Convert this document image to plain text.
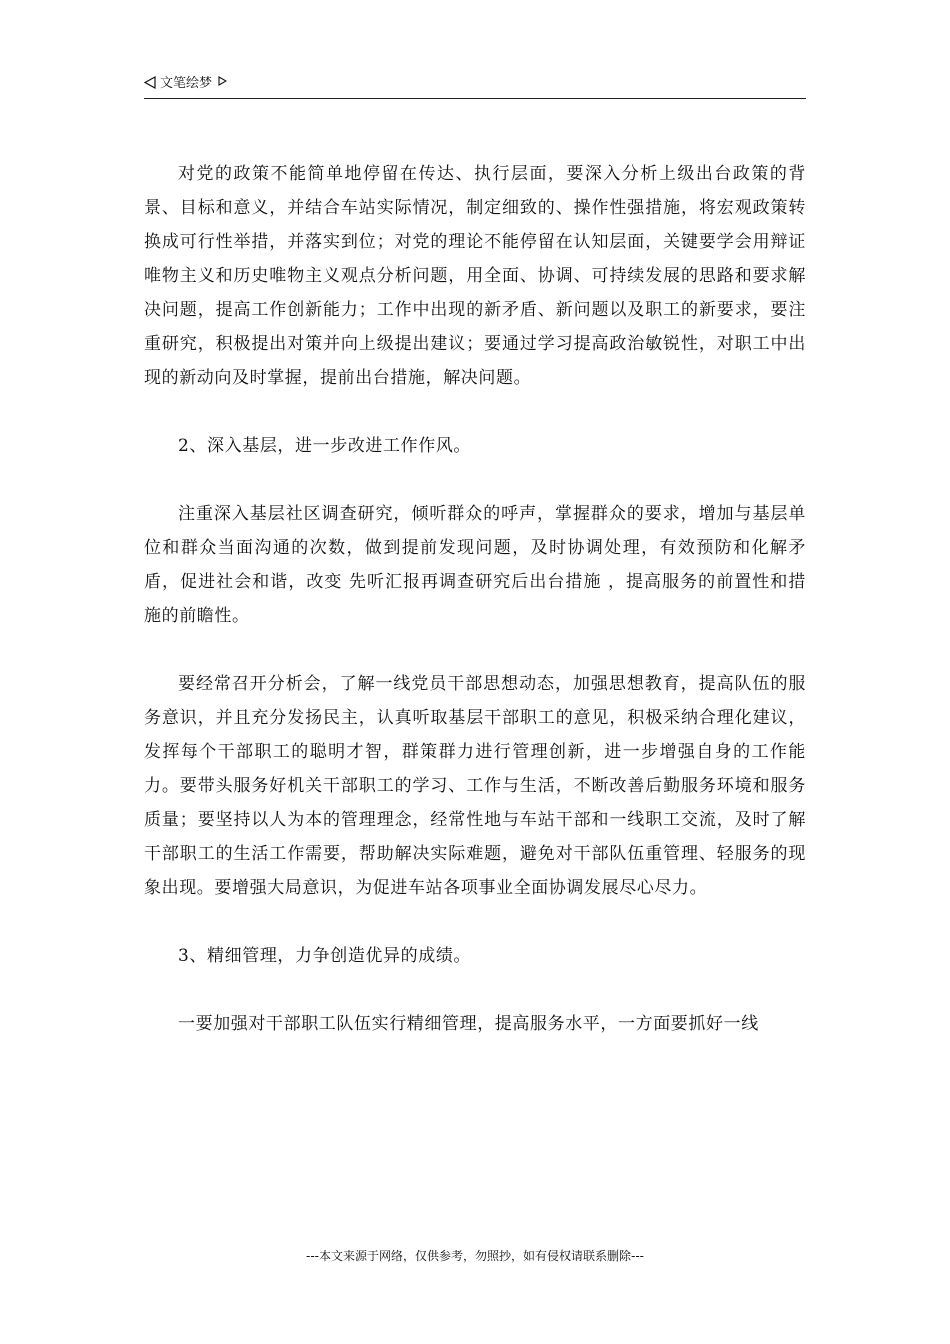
文笔绘梦

对党的政策不能简单地停留在传达、执行层面，要深入分析上级出台政策的背景、目标和意义，并结合车站实际情况，制定细致的、操作性强措施，将宏观政策转换成可行性举措，并落实到位；对党的理论不能停留在认知层面，关键要学会用辩证唯物主义和历史唯物主义观点分析问题，用全面、协调、可持续发展的思路和要求解决问题，提高工作创新能力；工作中出现的新矛盾、新问题以及职工的新要求，要注重研究，积极提出对策并向上级提出建议；要通过学习提高政治敏锐性，对职工中出现的新动向及时掌握，提前出台措施，解决问题。

2、深入基层，进一步改进工作作风。

注重深入基层社区调查研究，倾听群众的呼声，掌握群众的要求，增加与基层单位和群众当面沟通的次数，做到提前发现问题，及时协调处理，有效预防和化解矛盾，促进社会和谐，改变 先听汇报再调查研究后出台措施 ，提高服务的前置性和措施的前瞻性。

要经常召开分析会，了解一线党员干部思想动态，加强思想教育，提高队伍的服务意识，并且充分发扬民主，认真听取基层干部职工的意见，积极采纳合理化建议，发挥每个干部职工的聪明才智，群策群力进行管理创新，进一步增强自身的工作能力。要带头服务好机关干部职工的学习、工作与生活，不断改善后勤服务环境和服务质量；要坚持以人为本的管理理念，经常性地与车站干部和一线职工交流，及时了解干部职工的生活工作需要，帮助解决实际难题，避免对干部队伍重管理、轻服务的现象出现。要增强大局意识，为促进车站各项事业全面协调发展尽心尽力。

3、精细管理，力争创造优异的成绩。

一要加强对干部职工队伍实行精细管理，提高服务水平，一方面要抓好一线

---本文来源于网络，仅供参考，勿照抄，如有侵权请联系删除---
